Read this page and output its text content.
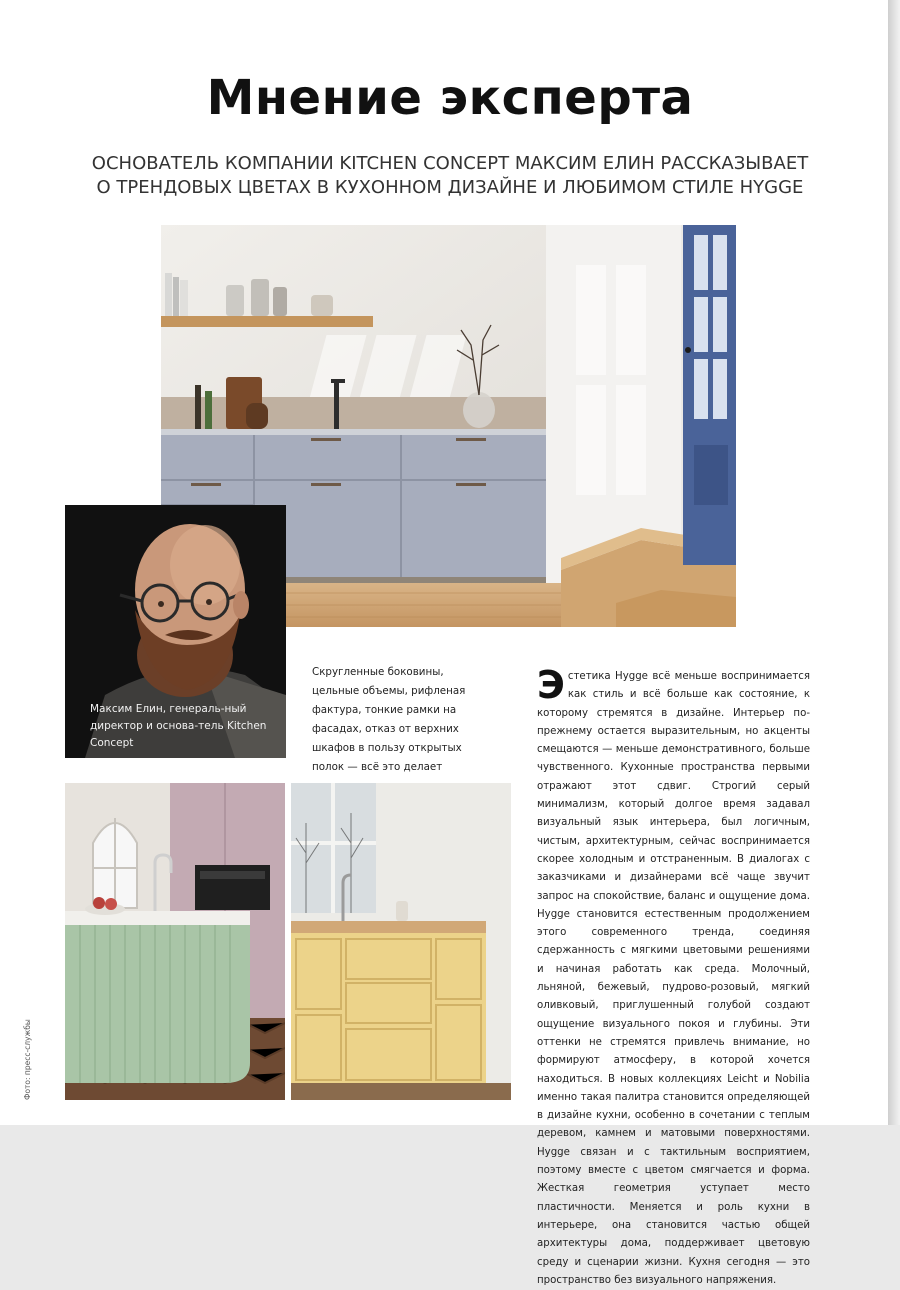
Мнение эксперта
ОСНОВАТЕЛЬ КОМПАНИИ KITCHEN CONCEPT МАКСИМ ЕЛИН РАССКАЗЫВАЕТ
О ТРЕНДОВЫХ ЦВЕТАХ В КУХОННОМ ДИЗАЙНЕ И ЛЮБИМОМ СТИЛЕ HYGGE
Максим Елин, генераль-ный директор и основа-тель Kitchen Concept
Скругленные боковины, цельные объемы, рифленая фактура, тонкие рамки на фасадах, отказ от верхних шкафов в пользу открытых полок — всё это делает
Эстетика Hygge всё меньше воспринимается как стиль и всё больше как состояние, к которому стремятся в дизайне. Интерьер по-прежнему остается выразительным, но акценты смещаются — меньше демонстративного, больше чувственного. Кухонные пространства первыми отражают этот сдвиг. Строгий серый минимализм, который долгое время задавал визуальный язык интерьера, был логичным, чистым, архитектурным, сейчас воспринимается скорее холодным и отстраненным. В диалогах с заказчиками и дизайнерами всё чаще звучит запрос на спокойствие, баланс и ощущение дома. Hygge становится естественным продолжением этого современного тренда, соединяя сдержанность с мягкими цветовыми решениями и начиная работать как среда. Молочный, льняной, бежевый, пудрово-розовый, мягкий оливковый, приглушенный голубой создают ощущение визуального покоя и глубины. Эти оттенки не стремятся привлечь внимание, но формируют атмосферу, в которой хочется находиться. В новых коллекциях Leicht и Nobilia именно такая палитра становится определяющей в дизайне кухни, особенно в сочетании с теплым деревом, камнем и матовыми поверхностями. Hygge связан и с тактильным восприятием, поэтому вместе с цветом смягчается и форма. Жесткая геометрия уступает место пластичности. Меняется и роль кухни в интерьере, она становится частью общей архитектуры дома, поддерживает цветовую среду и сценарии жизни. Кухня сегодня — это пространство без визуального напряжения.
Фото: пресс-службы
